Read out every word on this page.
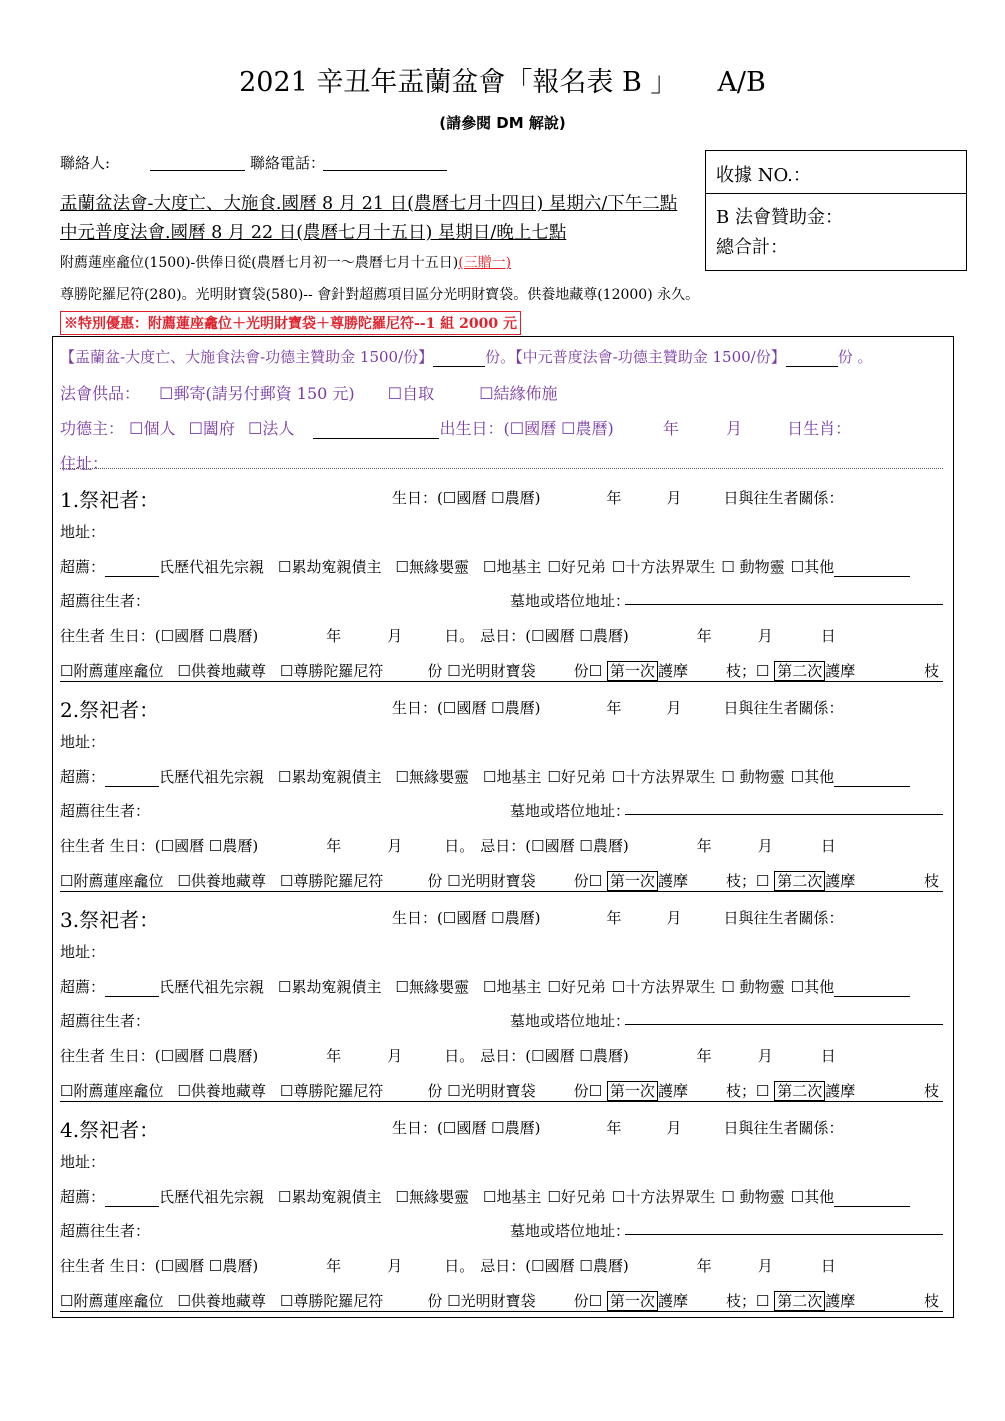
2021 辛丑年盂蘭盆會「報名表 B 」 A/B
(請參閱 DM 解說)
聯絡人:	聯絡電話：
收據 NO.：
B 法會贊助金：
總合計：
盂蘭盆法會-大度亡、大施食.國曆 8 月 21 日(農曆七月十四日) 星期六/下午二點
中元普度法會.國曆 8 月 22 日(農曆七月十五日) 星期日/晚上七點
附薦蓮座龕位(1500)-供俸日從(農曆七月初一～農曆七月十五日)(三贈一)
尊勝陀羅尼符(280)。光明財寶袋(580)-- 會針對超薦項目區分光明財寶袋。供養地藏尊(12000) 永久。
※特別優惠：附薦蓮座龕位＋光明財寶袋＋尊勝陀羅尼符--1 組 2000 元
【盂蘭盆-大度亡、大施食法會-功德主贊助金 1500/份】	份。【中元普度法會-功德主贊助金 1500/份】	份 。
法會供品： ☐ 郵寄(請另付郵資 150 元) ☐	自取 ☐	結緣佈施
功德主： ☐ 個人 ☐ 闔府 ☐ 法人	出生日：( ☐ 國曆 ☐ 農曆)	年	月	日生肖：
住址：
1.祭祀者：	生日：( ☐ 國曆 ☐ 農曆)	年	月	日與往生者關係：
地址：
超薦：	氏歷代祖先宗親 ☐ 累劫寃親債主 ☐ 無緣嬰靈 ☐ 地基主 ☐ 好兄弟 ☐ 十方法界眾生☐ 動物靈 ☐ 其他
超薦往生者：	墓地或塔位地址：
往生者 生日：( ☐ 國曆 ☐ 農曆)	年	月	日。 忌日：( ☐ 國曆 ☐ 農曆)	年	月	日
☐ 附薦蓮座龕位 ☐ 供養地藏尊 ☐ 尊勝陀羅尼符	份 ☐ 光明財寶袋	份 ☐ 第一次 護摩	枝； ☐ 第二次 護摩	枝
2.祭祀者：	生日：( ☐ 國曆 ☐ 農曆)	年	月	日與往生者關係：
地址：
超薦：	氏歷代祖先宗親 ☐ 累劫寃親債主 ☐ 無緣嬰靈 ☐ 地基主 ☐ 好兄弟 ☐ 十方法界眾生☐ 動物靈 ☐ 其他
超薦往生者：	墓地或塔位地址：
往生者 生日：( ☐ 國曆 ☐ 農曆)	年	月	日。 忌日：( ☐ 國曆 ☐ 農曆)	年	月	日
☐ 附薦蓮座龕位 ☐ 供養地藏尊 ☐ 尊勝陀羅尼符	份 ☐ 光明財寶袋	份 ☐ 第一次 護摩	枝； ☐ 第二次 護摩	枝
3.祭祀者：	生日：( ☐ 國曆 ☐ 農曆)	年	月	日與往生者關係：
地址：
超薦：	氏歷代祖先宗親 ☐ 累劫寃親債主 ☐ 無緣嬰靈 ☐ 地基主 ☐ 好兄弟 ☐ 十方法界眾生☐ 動物靈 ☐ 其他
超薦往生者：	墓地或塔位地址：
往生者 生日：( ☐ 國曆 ☐ 農曆)	年	月	日。 忌日：( ☐ 國曆 ☐ 農曆)	年	月	日
☐ 附薦蓮座龕位 ☐ 供養地藏尊 ☐ 尊勝陀羅尼符	份 ☐ 光明財寶袋	份 ☐ 第一次 護摩	枝； ☐ 第二次 護摩	枝
4.祭祀者：	生日：( ☐ 國曆 ☐ 農曆)	年	月	日與往生者關係：
地址：
超薦：	氏歷代祖先宗親 ☐ 累劫寃親債主 ☐ 無緣嬰靈 ☐ 地基主 ☐ 好兄弟 ☐ 十方法界眾生☐ 動物靈 ☐ 其他
超薦往生者：	墓地或塔位地址：
往生者 生日：( ☐ 國曆 ☐ 農曆)	年	月	日。 忌日：( ☐ 國曆 ☐ 農曆)	年	月	日
☐ 附薦蓮座龕位 ☐ 供養地藏尊 ☐ 尊勝陀羅尼符	份 ☐ 光明財寶袋	份 ☐ 第一次 護摩	枝； ☐ 第二次 護摩	枝
